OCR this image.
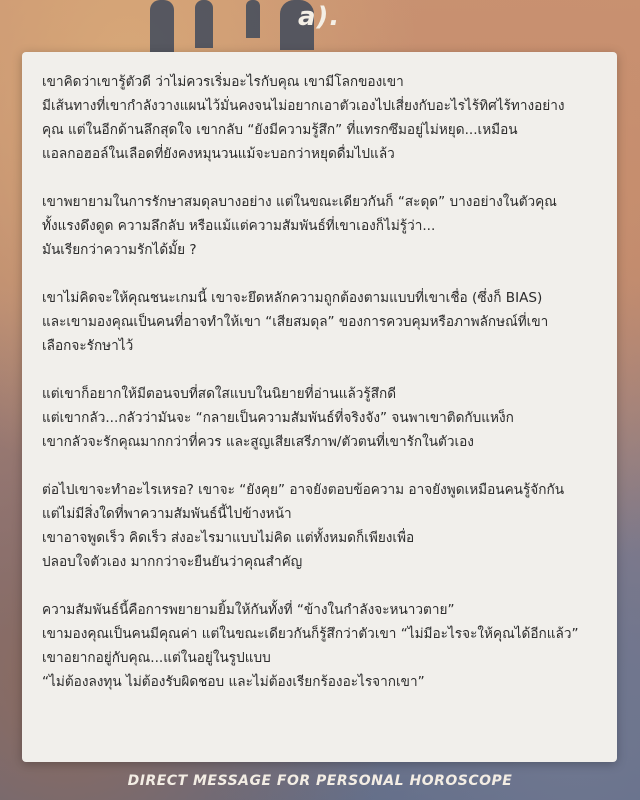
a).
เขาคิดว่าเขารู้ตัวดี ว่าไม่ควรเริ่มอะไรกับคุณ เขามีโลกของเขา
มีเส้นทางที่เขากำลังวางแผนไว้มั่นคงจนไม่อยากเอาตัวเองไปเสี่ยงกับอะไรไร้ทิศไร้ทางอย่าง
คุณ แต่ในอีกด้านลึกสุดใจ เขากลับ “ยังมีความรู้สึก” ที่แทรกซึมอยู่ไม่หยุด...เหมือน
แอลกอฮอล์ในเลือดที่ยังคงหมุนวนแม้จะบอกว่าหยุดดื่มไปแล้ว
เขาพยายามในการรักษาสมดุลบางอย่าง แต่ในขณะเดียวกันก็ “สะดุด” บางอย่างในตัวคุณ
ทั้งแรงดึงดูด ความลึกลับ หรือแม้แต่ความสัมพันธ์ที่เขาเองก็ไม่รู้ว่า...
มันเรียกว่าความรักได้มั้ย ?
เขาไม่คิดจะให้คุณชนะเกมนี้ เขาจะยึดหลักความถูกต้องตามแบบที่เขาเชื่อ (ซึ่งก็ BIAS)
และเขามองคุณเป็นคนที่อาจทำให้เขา “เสียสมดุล” ของการควบคุมหรือภาพลักษณ์ที่เขา
เลือกจะรักษาไว้
แต่เขาก็อยากให้มีตอนจบที่สดใสแบบในนิยายที่อ่านแล้วรู้สึกดี
แต่เขากลัว...กลัวว่ามันจะ “กลายเป็นความสัมพันธ์ที่จริงจัง” จนพาเขาติดกับแหง็ก
เขากลัวจะรักคุณมากกว่าที่ควร และสูญเสียเสรีภาพ/ตัวตนที่เขารักในตัวเอง
ต่อไปเขาจะทำอะไรเหรอ? เขาจะ “ยังคุย” อาจยังตอบข้อความ อาจยังพูดเหมือนคนรู้จักกัน
แต่ไม่มีสิ่งใดที่พาความสัมพันธ์นี้ไปข้างหน้า
เขาอาจพูดเร็ว คิดเร็ว ส่งอะไรมาแบบไม่คิด แต่ทั้งหมดก็เพียงเพื่อ
ปลอบใจตัวเอง มากกว่าจะยืนยันว่าคุณสำคัญ
ความสัมพันธ์นี้คือการพยายามยิ้มให้กันทั้งที่ “ข้างในกำลังจะหนาวตาย”
เขามองคุณเป็นคนมีคุณค่า แต่ในขณะเดียวกันก็รู้สึกว่าตัวเขา “ไม่มีอะไรจะให้คุณได้อีกแล้ว”
เขาอยากอยู่กับคุณ...แต่ในอยู่ในรูปแบบ
“ไม่ต้องลงทุน ไม่ต้องรับผิดชอบ และไม่ต้องเรียกร้องอะไรจากเขา”
DIRECT MESSAGE FOR PERSONAL HOROSCOPE
